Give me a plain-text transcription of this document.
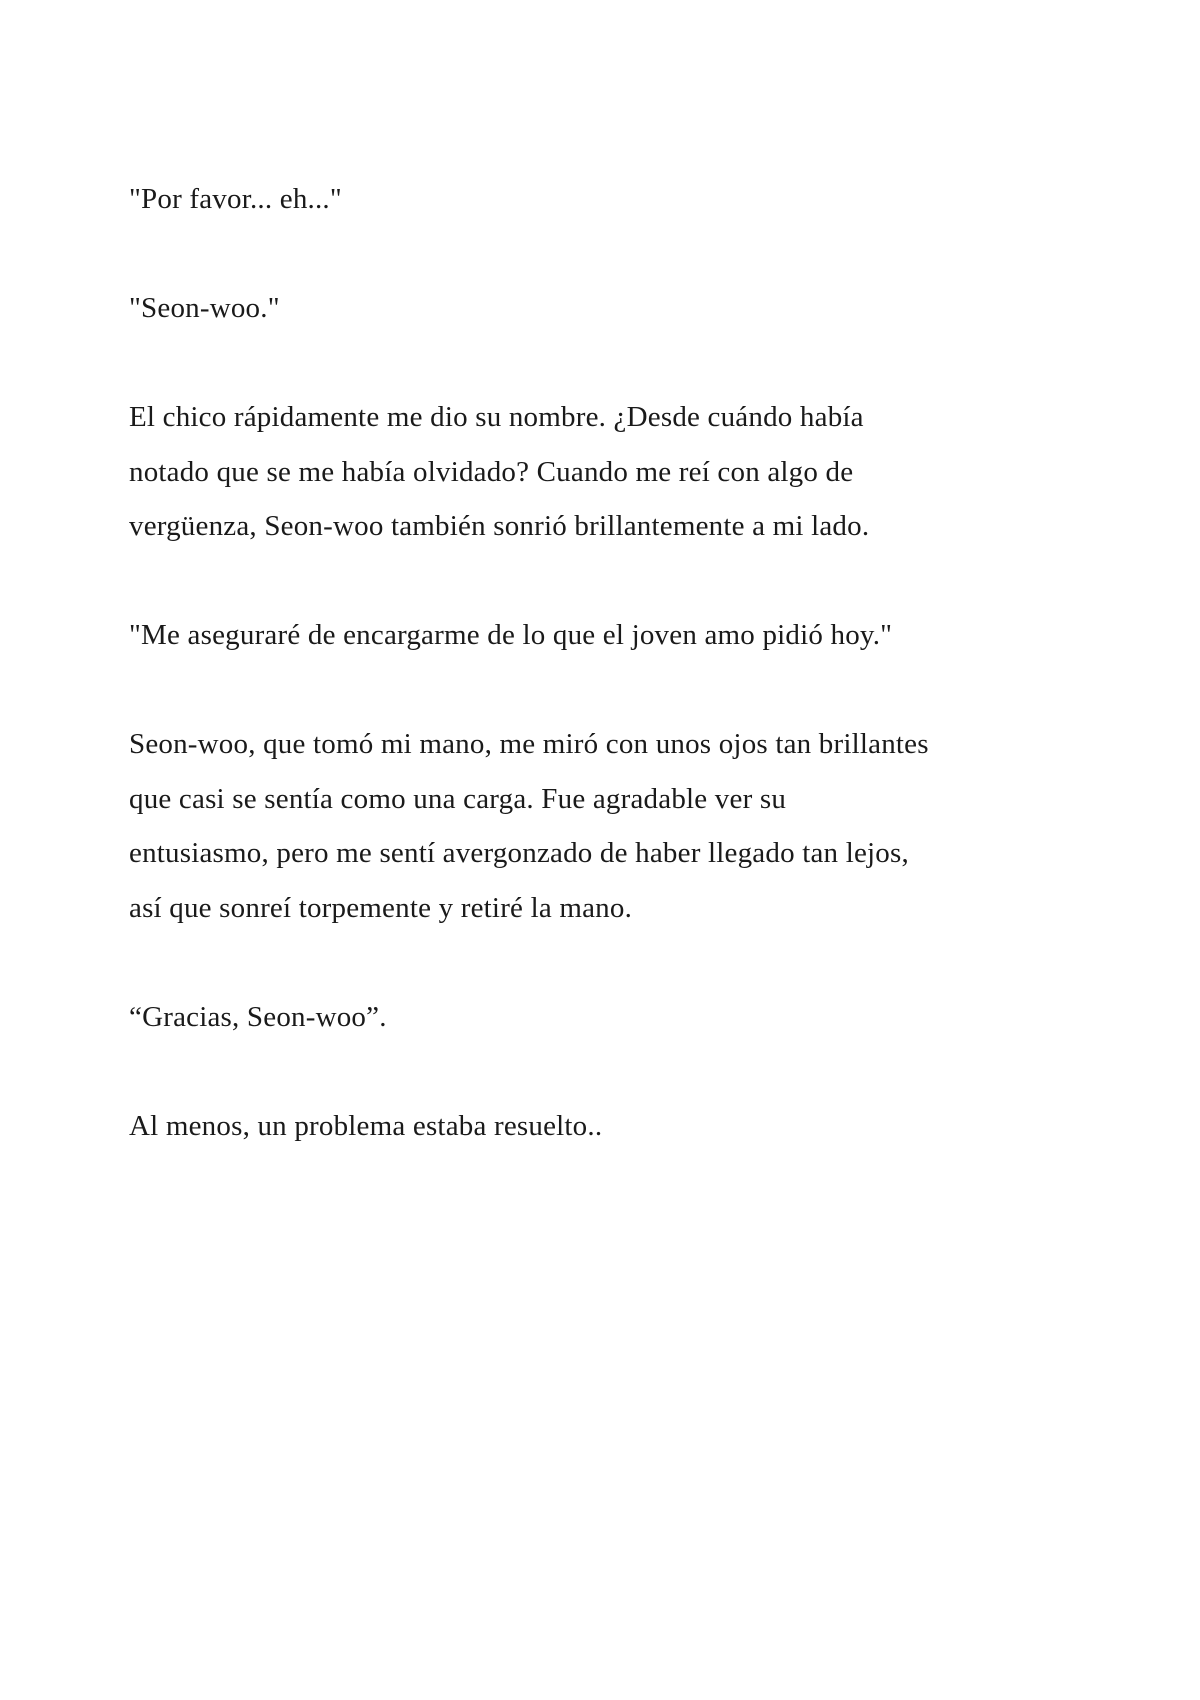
"Por favor... eh..."

"Seon-woo."

El chico rápidamente me dio su nombre. ¿Desde cuándo había
notado que se me había olvidado? Cuando me reí con algo de
vergüenza, Seon-woo también sonrió brillantemente a mi lado.

"Me aseguraré de encargarme de lo que el joven amo pidió hoy."

Seon-woo, que tomó mi mano, me miró con unos ojos tan brillantes
que casi se sentía como una carga. Fue agradable ver su
entusiasmo, pero me sentí avergonzado de haber llegado tan lejos,
así que sonreí torpemente y retiré la mano.

“Gracias, Seon-woo”.

Al menos, un problema estaba resuelto..
